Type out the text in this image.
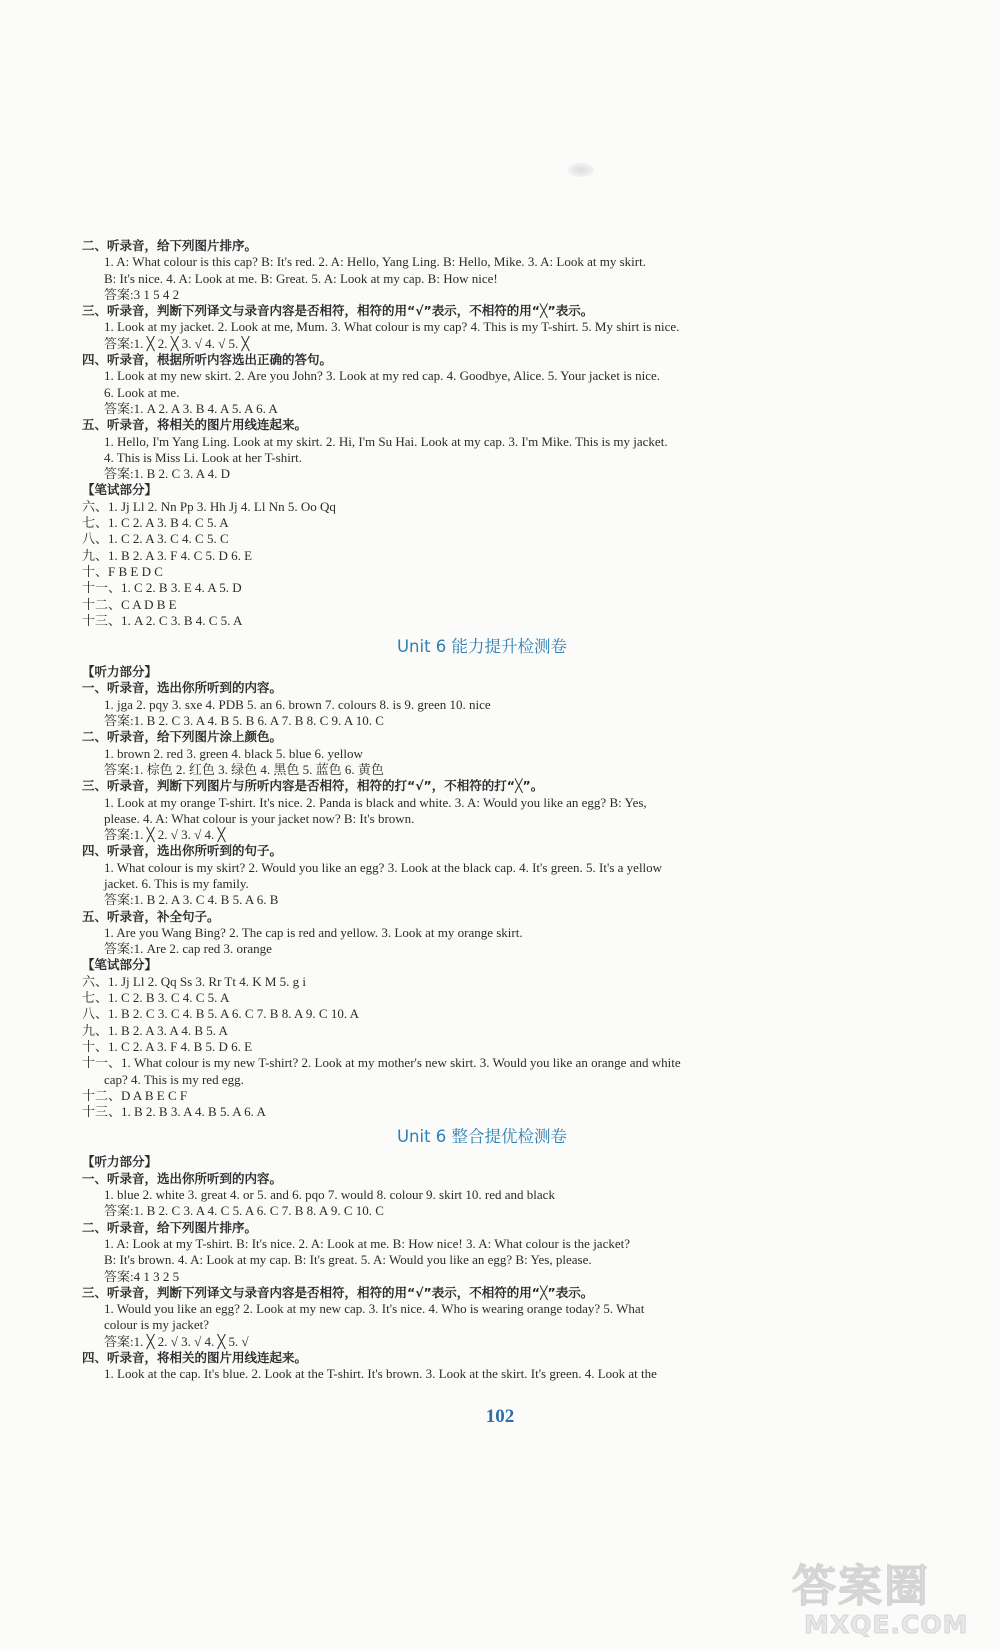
二、听录音，给下列图片排序。
1. A: What colour is this cap? B: It's red. 2. A: Hello, Yang Ling. B: Hello, Mike. 3. A: Look at my skirt.
B: It's nice. 4. A: Look at me. B: Great. 5. A: Look at my cap. B: How nice!
答案:3 1 5 4 2
三、听录音，判断下列译文与录音内容是否相符，相符的用“√”表示，不相符的用“╳”表示。
1. Look at my jacket. 2. Look at me, Mum. 3. What colour is my cap? 4. This is my T-shirt. 5. My shirt is nice.
答案:1. ╳ 2. ╳ 3. √ 4. √ 5. ╳
四、听录音，根据所听内容选出正确的答句。
1. Look at my new skirt. 2. Are you John? 3. Look at my red cap. 4. Goodbye, Alice. 5. Your jacket is nice.
6. Look at me.
答案:1. A 2. A 3. B 4. A 5. A 6. A
五、听录音，将相关的图片用线连起来。
1. Hello, I'm Yang Ling. Look at my skirt. 2. Hi, I'm Su Hai. Look at my cap. 3. I'm Mike. This is my jacket.
4. This is Miss Li. Look at her T-shirt.
答案:1. B 2. C 3. A 4. D
【笔试部分】
六、1. Jj Ll 2. Nn Pp 3. Hh Jj 4. Ll Nn 5. Oo Qq
七、1. C 2. A 3. B 4. C 5. A
八、1. C 2. A 3. C 4. C 5. C
九、1. B 2. A 3. F 4. C 5. D 6. E
十、F B E D C
十一、1. C 2. B 3. E 4. A 5. D
十二、C A D B E
十三、1. A 2. C 3. B 4. C 5. A
Unit 6 能力提升检测卷
【听力部分】
一、听录音，选出你所听到的内容。
1. jga 2. pqy 3. sxe 4. PDB 5. an 6. brown 7. colours 8. is 9. green 10. nice
答案:1. B 2. C 3. A 4. B 5. B 6. A 7. B 8. C 9. A 10. C
二、听录音，给下列图片涂上颜色。
1. brown 2. red 3. green 4. black 5. blue 6. yellow
答案:1. 棕色 2. 红色 3. 绿色 4. 黑色 5. 蓝色 6. 黄色
三、听录音，判断下列图片与所听内容是否相符，相符的打“√”，不相符的打“╳”。
1. Look at my orange T-shirt. It's nice. 2. Panda is black and white. 3. A: Would you like an egg? B: Yes,
please. 4. A: What colour is your jacket now? B: It's brown.
答案:1. ╳ 2. √ 3. √ 4. ╳
四、听录音，选出你所听到的句子。
1. What colour is my skirt? 2. Would you like an egg? 3. Look at the black cap. 4. It's green. 5. It's a yellow
jacket. 6. This is my family.
答案:1. B 2. A 3. C 4. B 5. A 6. B
五、听录音，补全句子。
1. Are you Wang Bing? 2. The cap is red and yellow. 3. Look at my orange skirt.
答案:1. Are 2. cap red 3. orange
【笔试部分】
六、1. Jj Ll 2. Qq Ss 3. Rr Tt 4. K M 5. g i
七、1. C 2. B 3. C 4. C 5. A
八、1. B 2. C 3. C 4. B 5. A 6. C 7. B 8. A 9. C 10. A
九、1. B 2. A 3. A 4. B 5. A
十、1. C 2. A 3. F 4. B 5. D 6. E
十一、1. What colour is my new T-shirt? 2. Look at my mother's new skirt. 3. Would you like an orange and white
cap? 4. This is my red egg.
十二、D A B E C F
十三、1. B 2. B 3. A 4. B 5. A 6. A
Unit 6 整合提优检测卷
【听力部分】
一、听录音，选出你所听到的内容。
1. blue 2. white 3. great 4. or 5. and 6. pqo 7. would 8. colour 9. skirt 10. red and black
答案:1. B 2. C 3. A 4. C 5. A 6. C 7. B 8. A 9. C 10. C
二、听录音，给下列图片排序。
1. A: Look at my T-shirt. B: It's nice. 2. A: Look at me. B: How nice! 3. A: What colour is the jacket?
B: It's brown. 4. A: Look at my cap. B: It's great. 5. A: Would you like an egg? B: Yes, please.
答案:4 1 3 2 5
三、听录音，判断下列译文与录音内容是否相符，相符的用“√”表示，不相符的用“╳”表示。
1. Would you like an egg? 2. Look at my new cap. 3. It's nice. 4. Who is wearing orange today? 5. What
colour is my jacket?
答案:1. ╳ 2. √ 3. √ 4. ╳ 5. √
四、听录音，将相关的图片用线连起来。
1. Look at the cap. It's blue. 2. Look at the T-shirt. It's brown. 3. Look at the skirt. It's green. 4. Look at the
102
答案圈
MXQE.COM
